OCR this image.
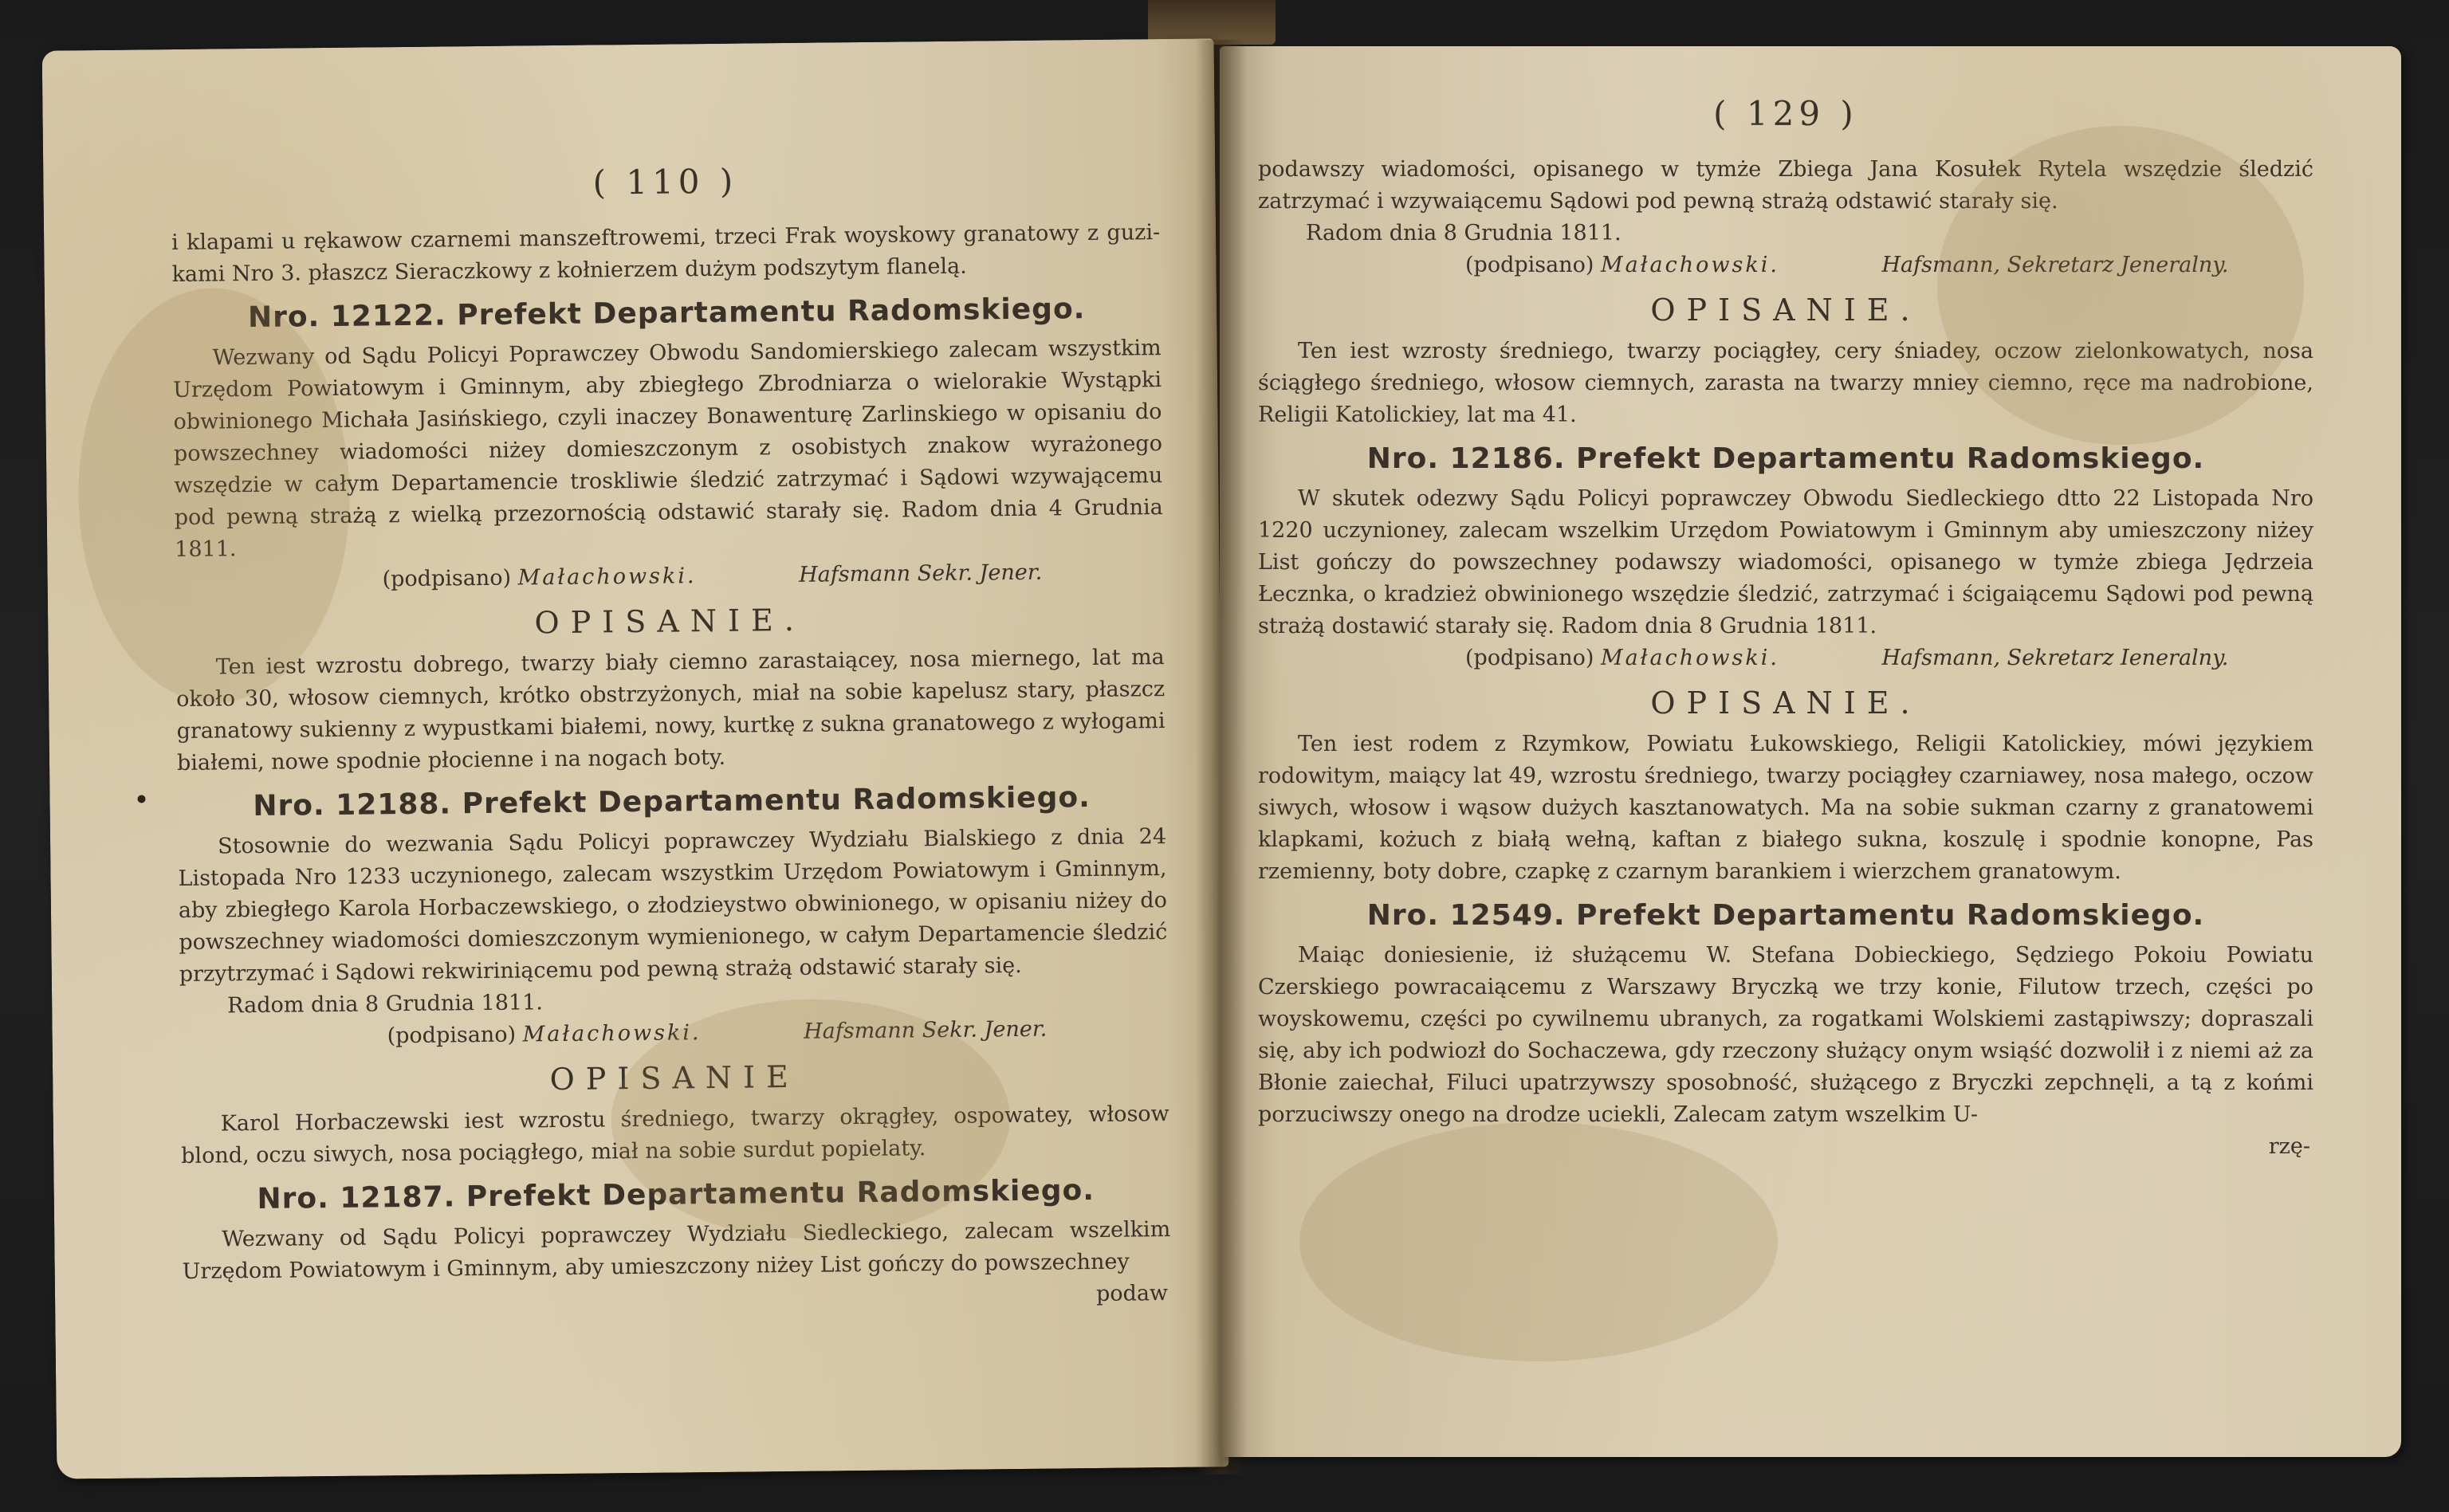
( 110 )

i klapami u rękawow czarnemi manszeftrowemi, trzeci Frak woyskowy granatowy z guzi-kami Nro 3. płaszcz Sieraczkowy z kołnierzem dużym podszytym flanelą.

Nro. 12122. Prefekt Departamentu Radomskiego.

Wezwany od Sądu Policyi Poprawczey Obwodu Sandomierskiego zalecam wszystkim Urzędom Powiatowym i Gminnym, aby zbiegłego Zbrodniarza o wielorakie Wystąpki obwinionego Michała Jasińskiego, czyli inaczey Bonawenturę Zarlinskiego w opisaniu do powszechney wiadomości niżey domieszczonym z osobistych znakow wyrażonego wszędzie w całym Departamencie troskliwie śledzić zatrzymać i Sądowi wzywającemu pod pewną strażą z wielką przezornością odstawić starały się. Radom dnia 4 Grudnia 1811.

(podpisano) Małachowski.	Hafsmann Sekr. Jener.
OPISANIE.

Ten iest wzrostu dobrego, twarzy biały ciemno zarastaiącey, nosa miernego, lat ma około 30, włosow ciemnych, krótko obstrzyżonych, miał na sobie kapelusz stary, płaszcz granatowy sukienny z wypustkami białemi, nowy, kurtkę z sukna granatowego z wyłogami białemi, nowe spodnie płocienne i na nogach boty.

Nro. 12188. Prefekt Departamentu Radomskiego.

Stosownie do wezwania Sądu Policyi poprawczey Wydziału Bialskiego z dnia 24 Listopada Nro 1233 uczynionego, zalecam wszystkim Urzędom Powiatowym i Gminnym, aby zbiegłego Karola Horbaczewskiego, o złodzieystwo obwinionego, w opisaniu niżey do powszechney wiadomości domieszczonym wymienionego, w całym Departamencie śledzić przytrzymać i Sądowi rekwiriniącemu pod pewną strażą odstawić starały się.

Radom dnia 8 Grudnia 1811.
(podpisano) Małachowski.	Hafsmann Sekr. Jener.
OPISANIE

Karol Horbaczewski iest wzrostu średniego, twarzy okrągłey, ospowatey, włosow blond, oczu siwych, nosa pociągłego, miał na sobie surdut popielaty.

Nro. 12187. Prefekt Departamentu Radomskiego.

Wezwany od Sądu Policyi poprawczey Wydziału Siedleckiego, zalecam wszelkim Urzędom Powiatowym i Gminnym, aby umieszczony niżey List gończy do powszechney

podaw
( 129 )

podawszy wiadomości, opisanego w tymże Zbiega Jana Kosułek Rytela wszędzie śledzić zatrzymać i wzywaiącemu Sądowi pod pewną strażą odstawić starały się.

Radom dnia 8 Grudnia 1811.
(podpisano) Małachowski.	Hafsmann, Sekretarz Jeneralny.
OPISANIE.

Ten iest wzrosty średniego, twarzy pociągłey, cery śniadey, oczow zielonkowatych, nosa ściągłego średniego, włosow ciemnych, zarasta na twarzy mniey ciemno, ręce ma nadrobione, Religii Katolickiey, lat ma 41.

Nro. 12186. Prefekt Departamentu Radomskiego.

W skutek odezwy Sądu Policyi poprawczey Obwodu Siedleckiego dtto 22 Listopada Nro 1220 uczynioney, zalecam wszelkim Urzędom Powiatowym i Gminnym aby umieszczony niżey List gończy do powszechney podawszy wiadomości, opisanego w tymże zbiega Jędrzeia Łecznka, o kradzież obwinionego wszędzie śledzić, zatrzymać i ścigaiącemu Sądowi pod pewną strażą dostawić starały się. Radom dnia 8 Grudnia 1811.

(podpisano) Małachowski.	Hafsmann, Sekretarz Ieneralny.
OPISANIE.

Ten iest rodem z Rzymkow, Powiatu Łukowskiego, Religii Katolickiey, mówi językiem rodowitym, maiący lat 49, wzrostu średniego, twarzy pociągłey czarniawey, nosa małego, oczow siwych, włosow i wąsow dużych kasztanowatych. Ma na sobie sukman czarny z granatowemi klapkami, kożuch z białą wełną, kaftan z białego sukna, koszulę i spodnie konopne, Pas rzemienny, boty dobre, czapkę z czarnym barankiem i wierzchem granatowym.

Nro. 12549. Prefekt Departamentu Radomskiego.

Maiąc doniesienie, iż służącemu W. Stefana Dobieckiego, Sędziego Pokoiu Powiatu Czerskiego powracaiącemu z Warszawy Bryczką we trzy konie, Filutow trzech, części po woyskowemu, części po cywilnemu ubranych, za rogatkami Wolskiemi zastąpiwszy; dopraszali się, aby ich podwiozł do Sochaczewa, gdy rzeczony służący onym wsiąść dozwolił i z niemi aż za Błonie zaiechał, Filuci upatrzywszy sposobność, służącego z Bryczki zepchnęli, a tą z końmi porzuciwszy onego na drodze uciekli, Zalecam zatym wszelkim U-

rzę-
